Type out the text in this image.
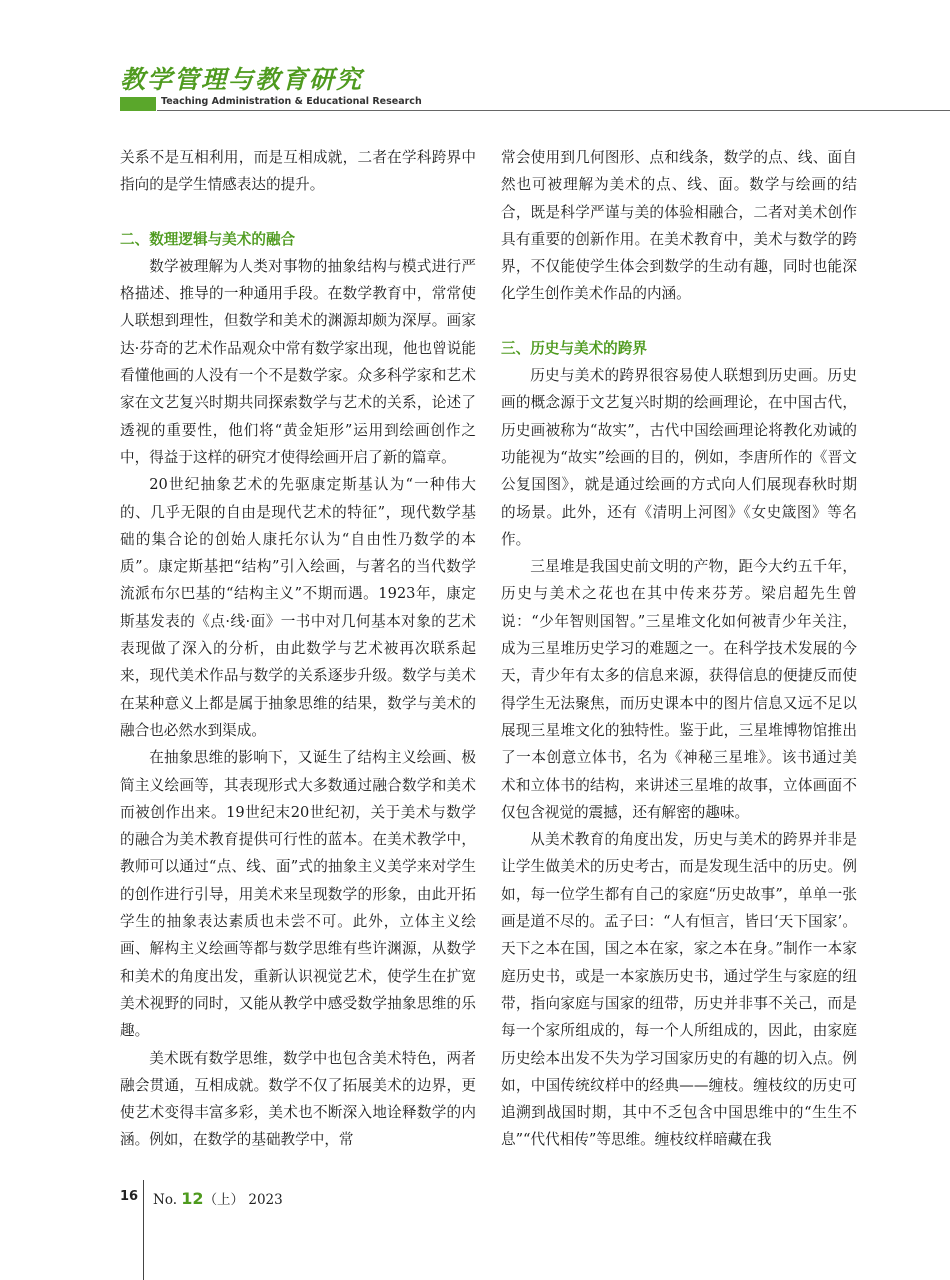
教学管理与教育研究
Teaching Administration & Educational Research

关系不是互相利用，而是互相成就，二者在学科跨界中指向的是学生情感表达的提升。

二、数理逻辑与美术的融合

数学被理解为人类对事物的抽象结构与模式进行严格描述、推导的一种通用手段。在数学教育中，常常使人联想到理性，但数学和美术的渊源却颇为深厚。画家达·芬奇的艺术作品观众中常有数学家出现，他也曾说能看懂他画的人没有一个不是数学家。众多科学家和艺术家在文艺复兴时期共同探索数学与艺术的关系，论述了透视的重要性，他们将“黄金矩形”运用到绘画创作之中，得益于这样的研究才使得绘画开启了新的篇章。

20世纪抽象艺术的先驱康定斯基认为“一种伟大的、几乎无限的自由是现代艺术的特征”，现代数学基础的集合论的创始人康托尔认为“自由性乃数学的本质”。康定斯基把“结构”引入绘画，与著名的当代数学流派布尔巴基的“结构主义”不期而遇。1923年，康定斯基发表的《点·线·面》一书中对几何基本对象的艺术表现做了深入的分析，由此数学与艺术被再次联系起来，现代美术作品与数学的关系逐步升级。数学与美术在某种意义上都是属于抽象思维的结果，数学与美术的融合也必然水到渠成。

在抽象思维的影响下，又诞生了结构主义绘画、极简主义绘画等，其表现形式大多数通过融合数学和美术而被创作出来。19世纪末20世纪初，关于美术与数学的融合为美术教育提供可行性的蓝本。在美术教学中，教师可以通过“点、线、面”式的抽象主义美学来对学生的创作进行引导，用美术来呈现数学的形象，由此开拓学生的抽象表达素质也未尝不可。此外，立体主义绘画、解构主义绘画等都与数学思维有些许渊源，从数学和美术的角度出发，重新认识视觉艺术，使学生在扩宽美术视野的同时，又能从教学中感受数学抽象思维的乐趣。

美术既有数学思维，数学中也包含美术特色，两者融会贯通，互相成就。数学不仅了拓展美术的边界，更使艺术变得丰富多彩，美术也不断深入地诠释数学的内涵。例如，在数学的基础教学中，常

常会使用到几何图形、点和线条，数学的点、线、面自然也可被理解为美术的点、线、面。数学与绘画的结合，既是科学严谨与美的体验相融合，二者对美术创作具有重要的创新作用。在美术教育中，美术与数学的跨界，不仅能使学生体会到数学的生动有趣，同时也能深化学生创作美术作品的内涵。

三、历史与美术的跨界

历史与美术的跨界很容易使人联想到历史画。历史画的概念源于文艺复兴时期的绘画理论，在中国古代，历史画被称为“故实”，古代中国绘画理论将教化劝诫的功能视为“故实”绘画的目的，例如，李唐所作的《晋文公复国图》，就是通过绘画的方式向人们展现春秋时期的场景。此外，还有《清明上河图》《女史箴图》等名作。

三星堆是我国史前文明的产物，距今大约五千年，历史与美术之花也在其中传来芬芳。梁启超先生曾说：“少年智则国智。”三星堆文化如何被青少年关注，成为三星堆历史学习的难题之一。在科学技术发展的今天，青少年有太多的信息来源，获得信息的便捷反而使得学生无法聚焦，而历史课本中的图片信息又远不足以展现三星堆文化的独特性。鉴于此，三星堆博物馆推出了一本创意立体书，名为《神秘三星堆》。该书通过美术和立体书的结构，来讲述三星堆的故事，立体画面不仅包含视觉的震撼，还有解密的趣味。

从美术教育的角度出发，历史与美术的跨界并非是让学生做美术的历史考古，而是发现生活中的历史。例如，每一位学生都有自己的家庭“历史故事”，单单一张画是道不尽的。孟子曰：“人有恒言，皆曰‘天下国家’。天下之本在国，国之本在家，家之本在身。”制作一本家庭历史书，或是一本家族历史书，通过学生与家庭的纽带，指向家庭与国家的纽带，历史并非事不关己，而是每一个家所组成的，每一个人所组成的，因此，由家庭历史绘本出发不失为学习国家历史的有趣的切入点。例如，中国传统纹样中的经典——缠枝。缠枝纹的历史可追溯到战国时期，其中不乏包含中国思维中的“生生不息”“代代相传”等思维。缠枝纹样暗藏在我

16 No. 12（上） 2023
